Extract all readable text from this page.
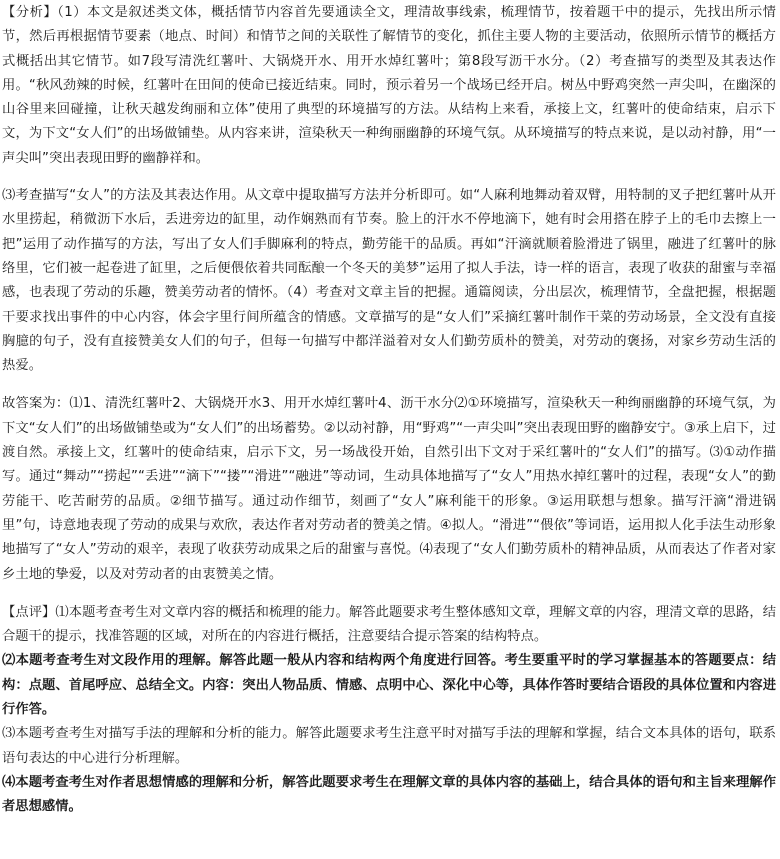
【分析】（1）本文是叙述类文体，概括情节内容首先要通读全文，理清故事线索，梳理情节，按着题干中的提示，先找出所示情节，然后再根据情节要素（地点、时间）和情节之间的关联性了解情节的变化，抓住主要人物的主要活动，依照所示情节的概括方式概括出其它情节。如7段写清洗红薯叶、大锅烧开水、用开水焯红薯叶；第8段写沥干水分。（2）考查描写的类型及其表达作用。“秋风劲辣的时候，红薯叶在田间的使命已接近结束。同时，预示着另一个战场已经开启。树丛中野鸡突然一声尖叫，在幽深的山谷里来回碰撞，让秋天越发绚丽和立体”使用了典型的环境描写的方法。从结构上来看，承接上文，红薯叶的使命结束，启示下文，为下文“女人们”的出场做铺垫。从内容来讲，渲染秋天一种绚丽幽静的环境气氛。从环境描写的特点来说，是以动衬静，用“一声尖叫”突出表现田野的幽静祥和。

⑶考查描写“女人”的方法及其表达作用。从文章中提取描写方法并分析即可。如“人麻利地舞动着双臂，用特制的叉子把红薯叶从开水里捞起，稍微沥下水后，丢进旁边的缸里，动作娴熟而有节奏。脸上的汗水不停地滴下，她有时会用搭在脖子上的毛巾去擦上一把”运用了动作描写的方法，写出了女人们手脚麻利的特点，勤劳能干的品质。再如“汗滴就顺着脸滑进了锅里，融进了红薯叶的脉络里，它们被一起卷进了缸里，之后便偎依着共同酝酿一个冬天的美梦”运用了拟人手法，诗一样的语言，表现了收获的甜蜜与幸福感，也表现了劳动的乐趣，赞美劳动者的情怀。（4）考查对文章主旨的把握。通篇阅读，分出层次，梳理情节，全盘把握，根据题干要求找出事件的中心内容，体会字里行间所蕴含的情感。文章描写的是“女人们”采摘红薯叶制作干菜的劳动场景，全文没有直接胸臆的句子，没有直接赞美女人们的句子，但每一句描写中都洋溢着对女人们勤劳质朴的赞美，对劳动的褒扬，对家乡劳动生活的热爱。

故答案为：⑴1、清洗红薯叶2、大锅烧开水3、用开水焯红薯叶4、沥干水分⑵①环境描写，渲染秋天一种绚丽幽静的环境气氛，为下文“女人们”的出场做铺垫或为“女人们”的出场蓄势。②以动衬静，用“野鸡”“一声尖叫”突出表现田野的幽静安宁。③承上启下，过渡自然。承接上文，红薯叶的使命结束，启示下文，另一场战役开始，自然引出下文对于采红薯叶的“女人们”的描写。⑶①动作描写。通过“舞动”“捞起”“丢进”“滴下”“搂”“滑进”“融进”等动词，生动具体地描写了“女人”用热水掉红薯叶的过程，表现“女人”的勤劳能干、吃苦耐劳的品质。②细节描写。通过动作细节，刻画了“女人”麻利能干的形象。③运用联想与想象。描写汗滴“滑进锅里”句，诗意地表现了劳动的成果与欢欣，表达作者对劳动者的赞美之情。④拟人。“滑进”“偎依”等词语，运用拟人化手法生动形象地描写了“女人”劳动的艰辛，表现了收获劳动成果之后的甜蜜与喜悦。⑷表现了“女人们勤劳质朴的精神品质，从而表达了作者对家乡土地的挚爱，以及对劳动者的由衷赞美之情。

【点评】⑴本题考查考生对文章内容的概括和梳理的能力。解答此题要求考生整体感知文章，理解文章的内容，理清文章的思路，结合题干的提示，找准答题的区域，对所在的内容进行概括，注意要结合提示答案的结构特点。

⑵本题考查考生对文段作用的理解。解答此题一般从内容和结构两个角度进行回答。考生要重平时的学习掌握基本的答题要点：结构：点题、首尾呼应、总结全文。内容：突出人物品质、情感、点明中心、深化中心等，具体作答时要结合语段的具体位置和内容进行作答。

⑶本题考查考生对描写手法的理解和分析的能力。解答此题要求考生注意平时对描写手法的理解和掌握，结合文本具体的语句，联系语句表达的中心进行分析理解。

⑷本题考查考生对作者思想情感的理解和分析，解答此题要求考生在理解文章的具体内容的基础上，结合具体的语句和主旨来理解作者思想感情。
